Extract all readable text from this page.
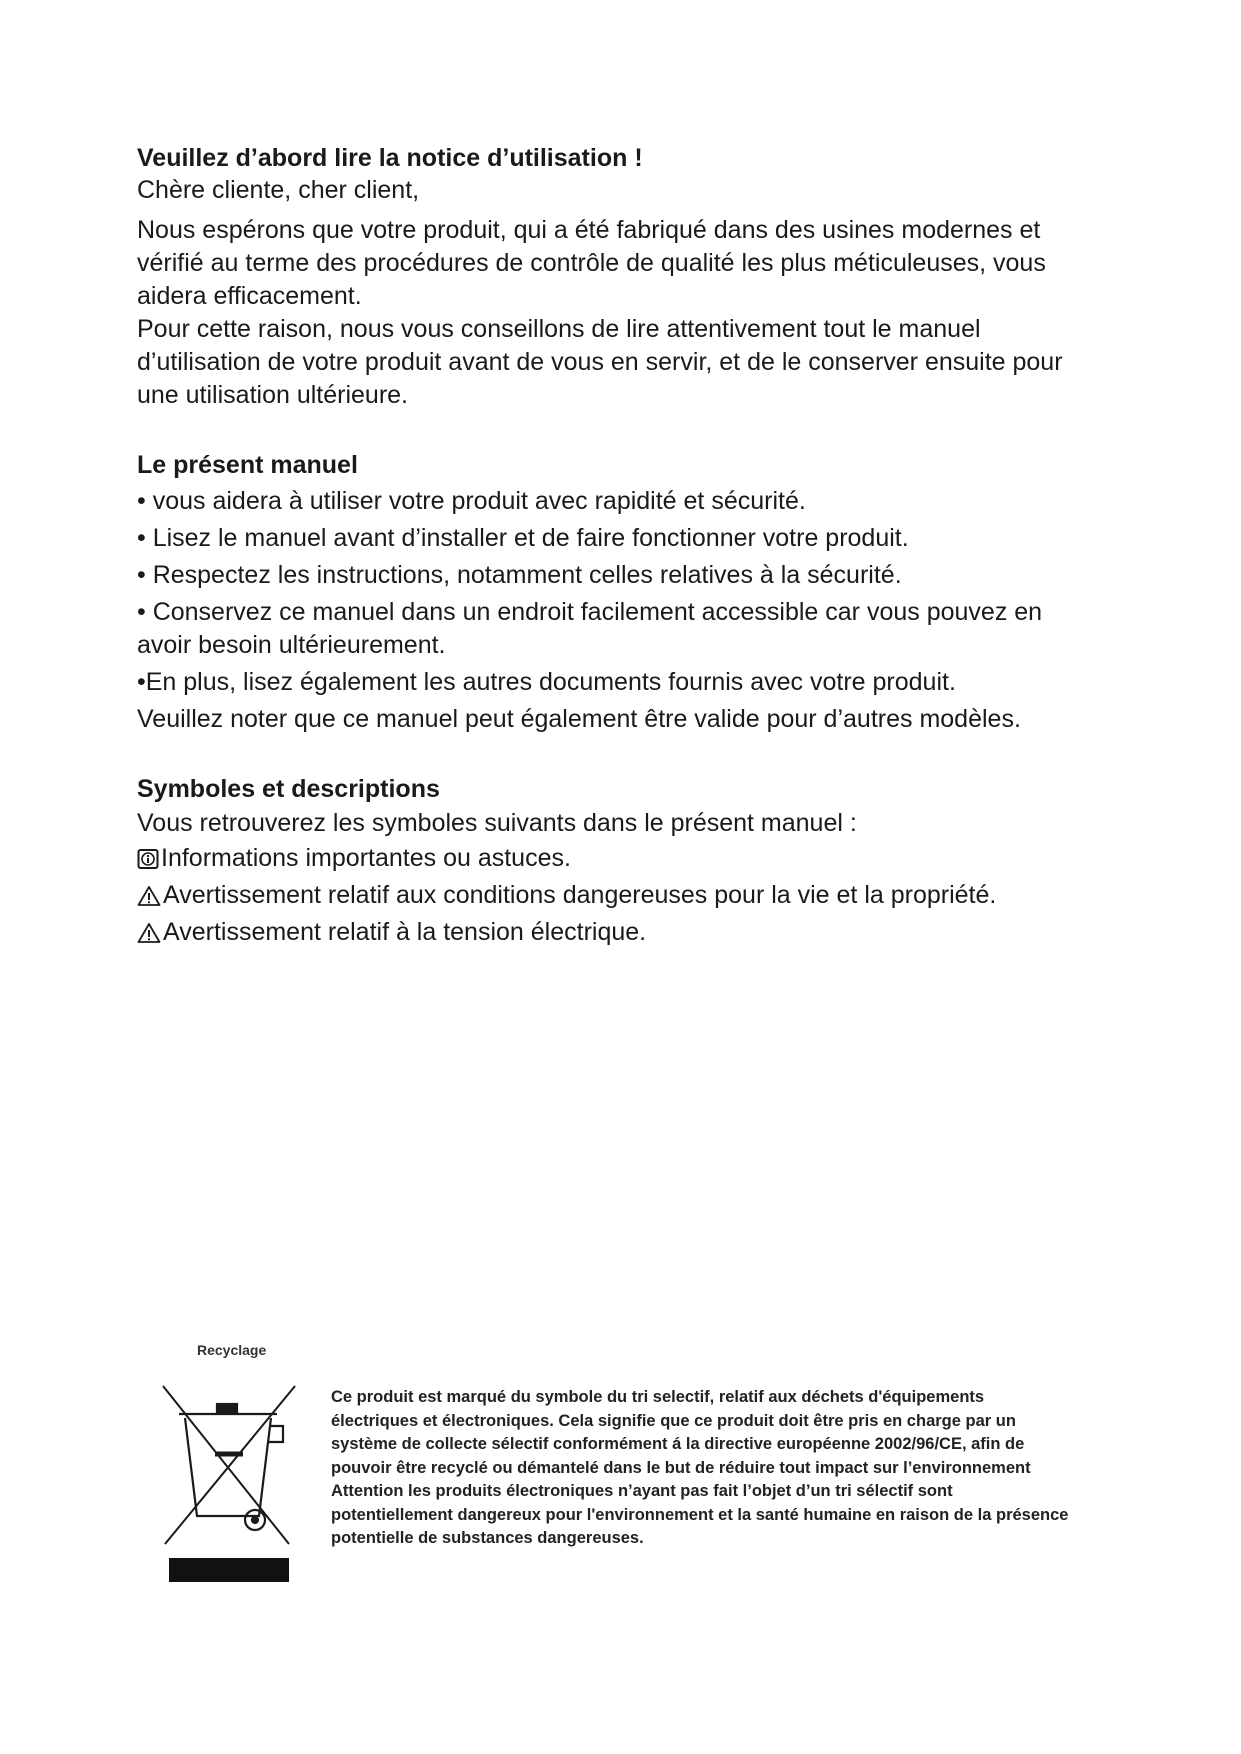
Veuillez d’abord lire la notice d’utilisation !

Chère cliente, cher client,

Nous espérons que votre produit, qui a été fabriqué dans des usines modernes et vérifié au terme des procédures de contrôle de qualité les plus méticuleuses, vous aidera efficacement.

Pour cette raison, nous vous conseillons de lire attentivement tout le manuel d’utilisation de votre produit avant de vous en servir, et de le conserver ensuite pour une utilisation ultérieure.

Le présent manuel

• vous aidera à utiliser votre produit avec rapidité et sécurité.

• Lisez le manuel avant d’installer et de faire fonctionner votre produit.

• Respectez les instructions, notamment celles relatives à la sécurité.

• Conservez ce manuel dans un endroit facilement accessible car vous pouvez en avoir besoin ultérieurement.

•En plus, lisez également les autres documents fournis avec votre produit.

Veuillez noter que ce manuel peut également être valide pour d’autres modèles.

Symboles et descriptions

Vous retrouverez les symboles suivants dans le présent manuel :

Informations importantes ou astuces.
Avertissement relatif aux conditions dangereuses pour la vie et la propriété.
Avertissement relatif à la tension électrique.
Recyclage

Ce produit est marqué du symbole du tri selectif, relatif aux déchets d'équipements électriques et électroniques. Cela signifie que ce produit doit être pris en charge par un système de collecte sélectif conformément á la directive européenne 2002/96/CE, afin de pouvoir être recyclé ou démantelé dans le but de réduire tout impact sur l’environnement Attention les produits électroniques n’ayant pas fait l’objet d’un tri sélectif sont potentiellement dangereux pour l'environnement et la santé humaine en raison de la présence potentielle de substances dangereuses.
